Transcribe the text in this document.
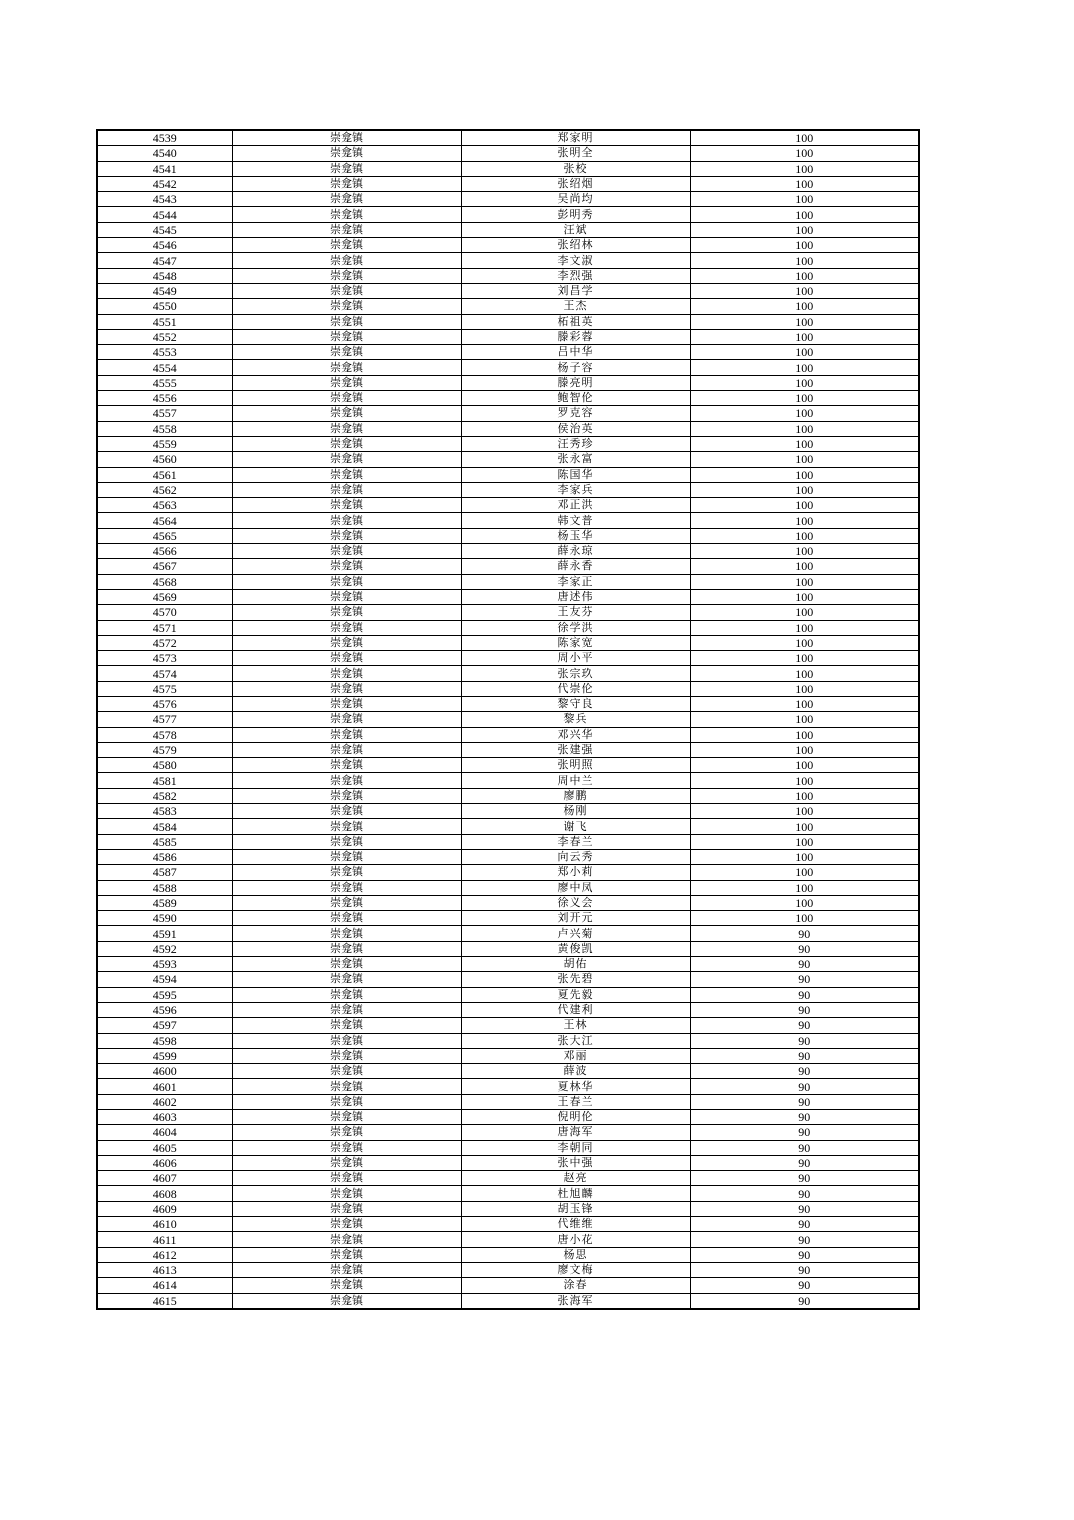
4539	崇龛镇	郑家明	100
4540	崇龛镇	张明全	100
4541	崇龛镇	张校	100
4542	崇龛镇	张绍烟	100
4543	崇龛镇	吴尚均	100
4544	崇龛镇	彭明秀	100
4545	崇龛镇	汪斌	100
4546	崇龛镇	张绍林	100
4547	崇龛镇	李文淑	100
4548	崇龛镇	李烈强	100
4549	崇龛镇	刘昌学	100
4550	崇龛镇	王杰	100
4551	崇龛镇	柘祖英	100
4552	崇龛镇	滕彩蓉	100
4553	崇龛镇	吕中华	100
4554	崇龛镇	杨子容	100
4555	崇龛镇	滕亮明	100
4556	崇龛镇	鲍智伦	100
4557	崇龛镇	罗克容	100
4558	崇龛镇	侯治英	100
4559	崇龛镇	汪秀珍	100
4560	崇龛镇	张永富	100
4561	崇龛镇	陈国华	100
4562	崇龛镇	李家兵	100
4563	崇龛镇	邓正洪	100
4564	崇龛镇	韩文普	100
4565	崇龛镇	杨玉华	100
4566	崇龛镇	薛永琼	100
4567	崇龛镇	薛永香	100
4568	崇龛镇	李家正	100
4569	崇龛镇	唐述伟	100
4570	崇龛镇	王友芬	100
4571	崇龛镇	徐学洪	100
4572	崇龛镇	陈家宽	100
4573	崇龛镇	周小平	100
4574	崇龛镇	张宗玖	100
4575	崇龛镇	代崇伦	100
4576	崇龛镇	黎守良	100
4577	崇龛镇	黎兵	100
4578	崇龛镇	邓兴华	100
4579	崇龛镇	张建强	100
4580	崇龛镇	张明照	100
4581	崇龛镇	周中兰	100
4582	崇龛镇	廖鹏	100
4583	崇龛镇	杨刚	100
4584	崇龛镇	谢飞	100
4585	崇龛镇	李春兰	100
4586	崇龛镇	向云秀	100
4587	崇龛镇	郑小莉	100
4588	崇龛镇	廖中凤	100
4589	崇龛镇	徐义会	100
4590	崇龛镇	刘开元	100
4591	崇龛镇	卢兴菊	90
4592	崇龛镇	黄俊凯	90
4593	崇龛镇	胡佑	90
4594	崇龛镇	张先碧	90
4595	崇龛镇	夏先毅	90
4596	崇龛镇	代建利	90
4597	崇龛镇	王林	90
4598	崇龛镇	张大江	90
4599	崇龛镇	邓丽	90
4600	崇龛镇	薛波	90
4601	崇龛镇	夏林华	90
4602	崇龛镇	王春兰	90
4603	崇龛镇	倪明伦	90
4604	崇龛镇	唐海军	90
4605	崇龛镇	李朝同	90
4606	崇龛镇	张中强	90
4607	崇龛镇	赵亮	90
4608	崇龛镇	杜旭麟	90
4609	崇龛镇	胡玉锋	90
4610	崇龛镇	代维维	90
4611	崇龛镇	唐小花	90
4612	崇龛镇	杨思	90
4613	崇龛镇	廖文梅	90
4614	崇龛镇	涂春	90
4615	崇龛镇	张海军	90
